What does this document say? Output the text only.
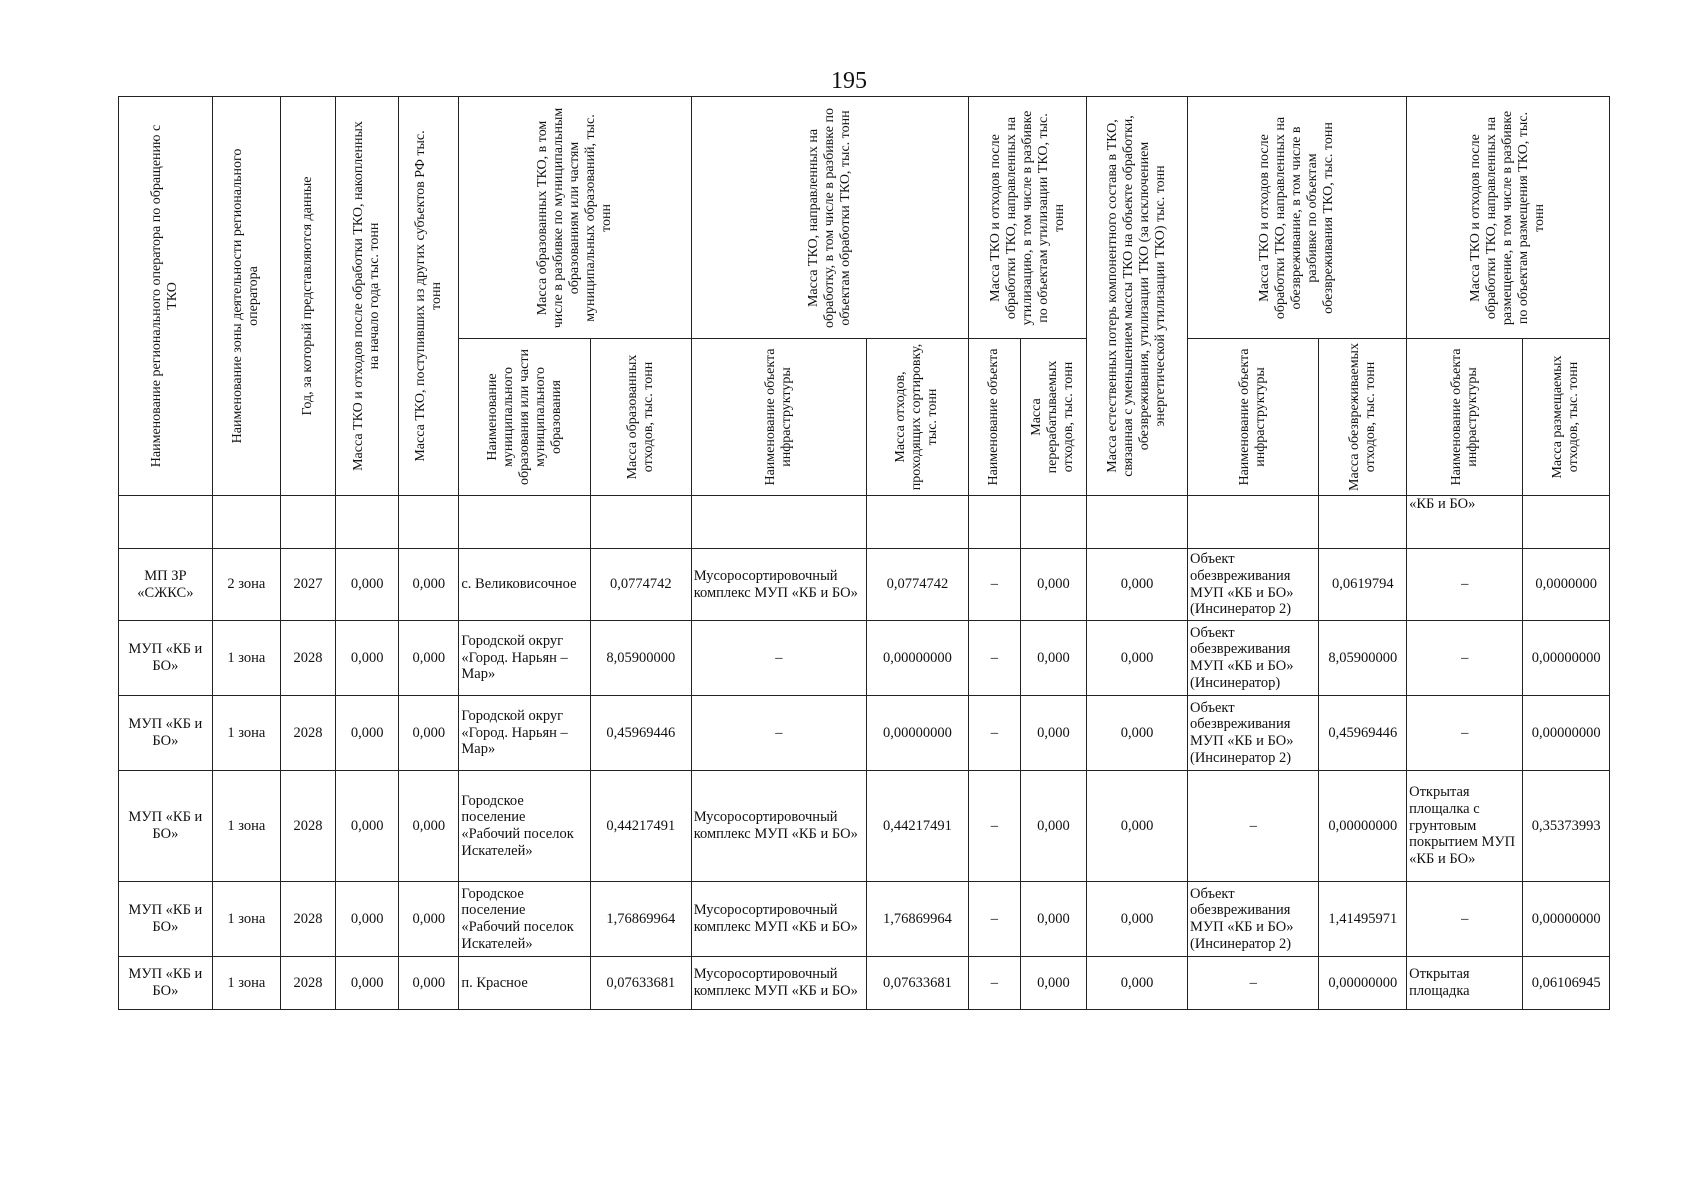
195
Наименование регионального оператора по обращению с ТКО	Наименование зоны деятельности регионального оператора	Год, за который представляются данные	Масса ТКО и отходов после обработки ТКО, накопленных на начало года тыс. тонн	Масса ТКО, поступивших из других субъектов РФ тыс. тонн	Масса образованных ТКО, в том числе в разбивке по муниципальным образованиям или частям муниципальных образований, тыс. тонн		Масса ТКО, направленных на обработку, в том числе в разбивке по объектам обработки ТКО, тыс. тонн		Масса ТКО и отходов после обработки ТКО, направленных на утилизацию, в том числе в разбивке по объектам утилизации ТКО, тыс. тонн		Масса естественных потерь компонентного состава в ТКО, связанная с уменьшением массы ТКО на объекте обработки, обезвреживания, утилизации ТКО (за исключением энергетической утилизации ТКО) тыс. тонн	Масса ТКО и отходов после обработки ТКО, направленных на обезвреживание, в том числе в разбивке по объектам обезвреживания ТКО, тыс. тонн		Масса ТКО и отходов после обработки ТКО, направленных на размещение, в том числе в разбивке по объектам размещения ТКО, тыс. тонн	

					Наименование муниципального образования или части муниципального образования	Масса образованных отходов, тыс. тонн	Наименование объекта инфраструктуры	Масса отходов, проходящих сортировку, тыс. тонн	Наименование объекта	Масса перерабатываемых отходов, тыс. тонн		Наименование объекта инфраструктуры	Масса обезвреживаемых отходов, тыс. тонн	Наименование объекта инфраструктуры	Масса размещаемых отходов, тыс. тонн

														«КБ и БО»	
МП ЗР «СЖКС»	2 зона	2027	0,000	0,000	с. Великовисочное	0,0774742	Мусоросортировочный комплекс МУП «КБ и БО»	0,0774742	–	0,000	0,000	Объект обезвреживания МУП «КБ и БО» (Инсинератор 2)	0,0619794	–	0,0000000
МУП «КБ и БО»	1 зона	2028	0,000	0,000	Городской округ «Город. Нарьян – Мар»	8,05900000	–	0,00000000	–	0,000	0,000	Объект обезвреживания МУП «КБ и БО» (Инсинератор)	8,05900000	–	0,00000000
МУП «КБ и БО»	1 зона	2028	0,000	0,000	Городской округ «Город. Нарьян – Мар»	0,45969446	–	0,00000000	–	0,000	0,000	Объект обезвреживания МУП «КБ и БО» (Инсинератор 2)	0,45969446	–	0,00000000
МУП «КБ и БО»	1 зона	2028	0,000	0,000	Городское поселение «Рабочий поселок Искателей»	0,44217491	Мусоросортировочный комплекс МУП «КБ и БО»	0,44217491	–	0,000	0,000	–	0,00000000	Открытая площалка с грунтовым покрытием МУП «КБ и БО»	0,35373993
МУП «КБ и БО»	1 зона	2028	0,000	0,000	Городское поселение «Рабочий поселок Искателей»	1,76869964	Мусоросортировочный комплекс МУП «КБ и БО»	1,76869964	–	0,000	0,000	Объект обезвреживания МУП «КБ и БО» (Инсинератор 2)	1,41495971	–	0,00000000
МУП «КБ и БО»	1 зона	2028	0,000	0,000	п. Красное	0,07633681	Мусоросортировочный комплекс МУП «КБ и БО»	0,07633681	–	0,000	0,000	–	0,00000000	Открытая площадка	0,06106945
